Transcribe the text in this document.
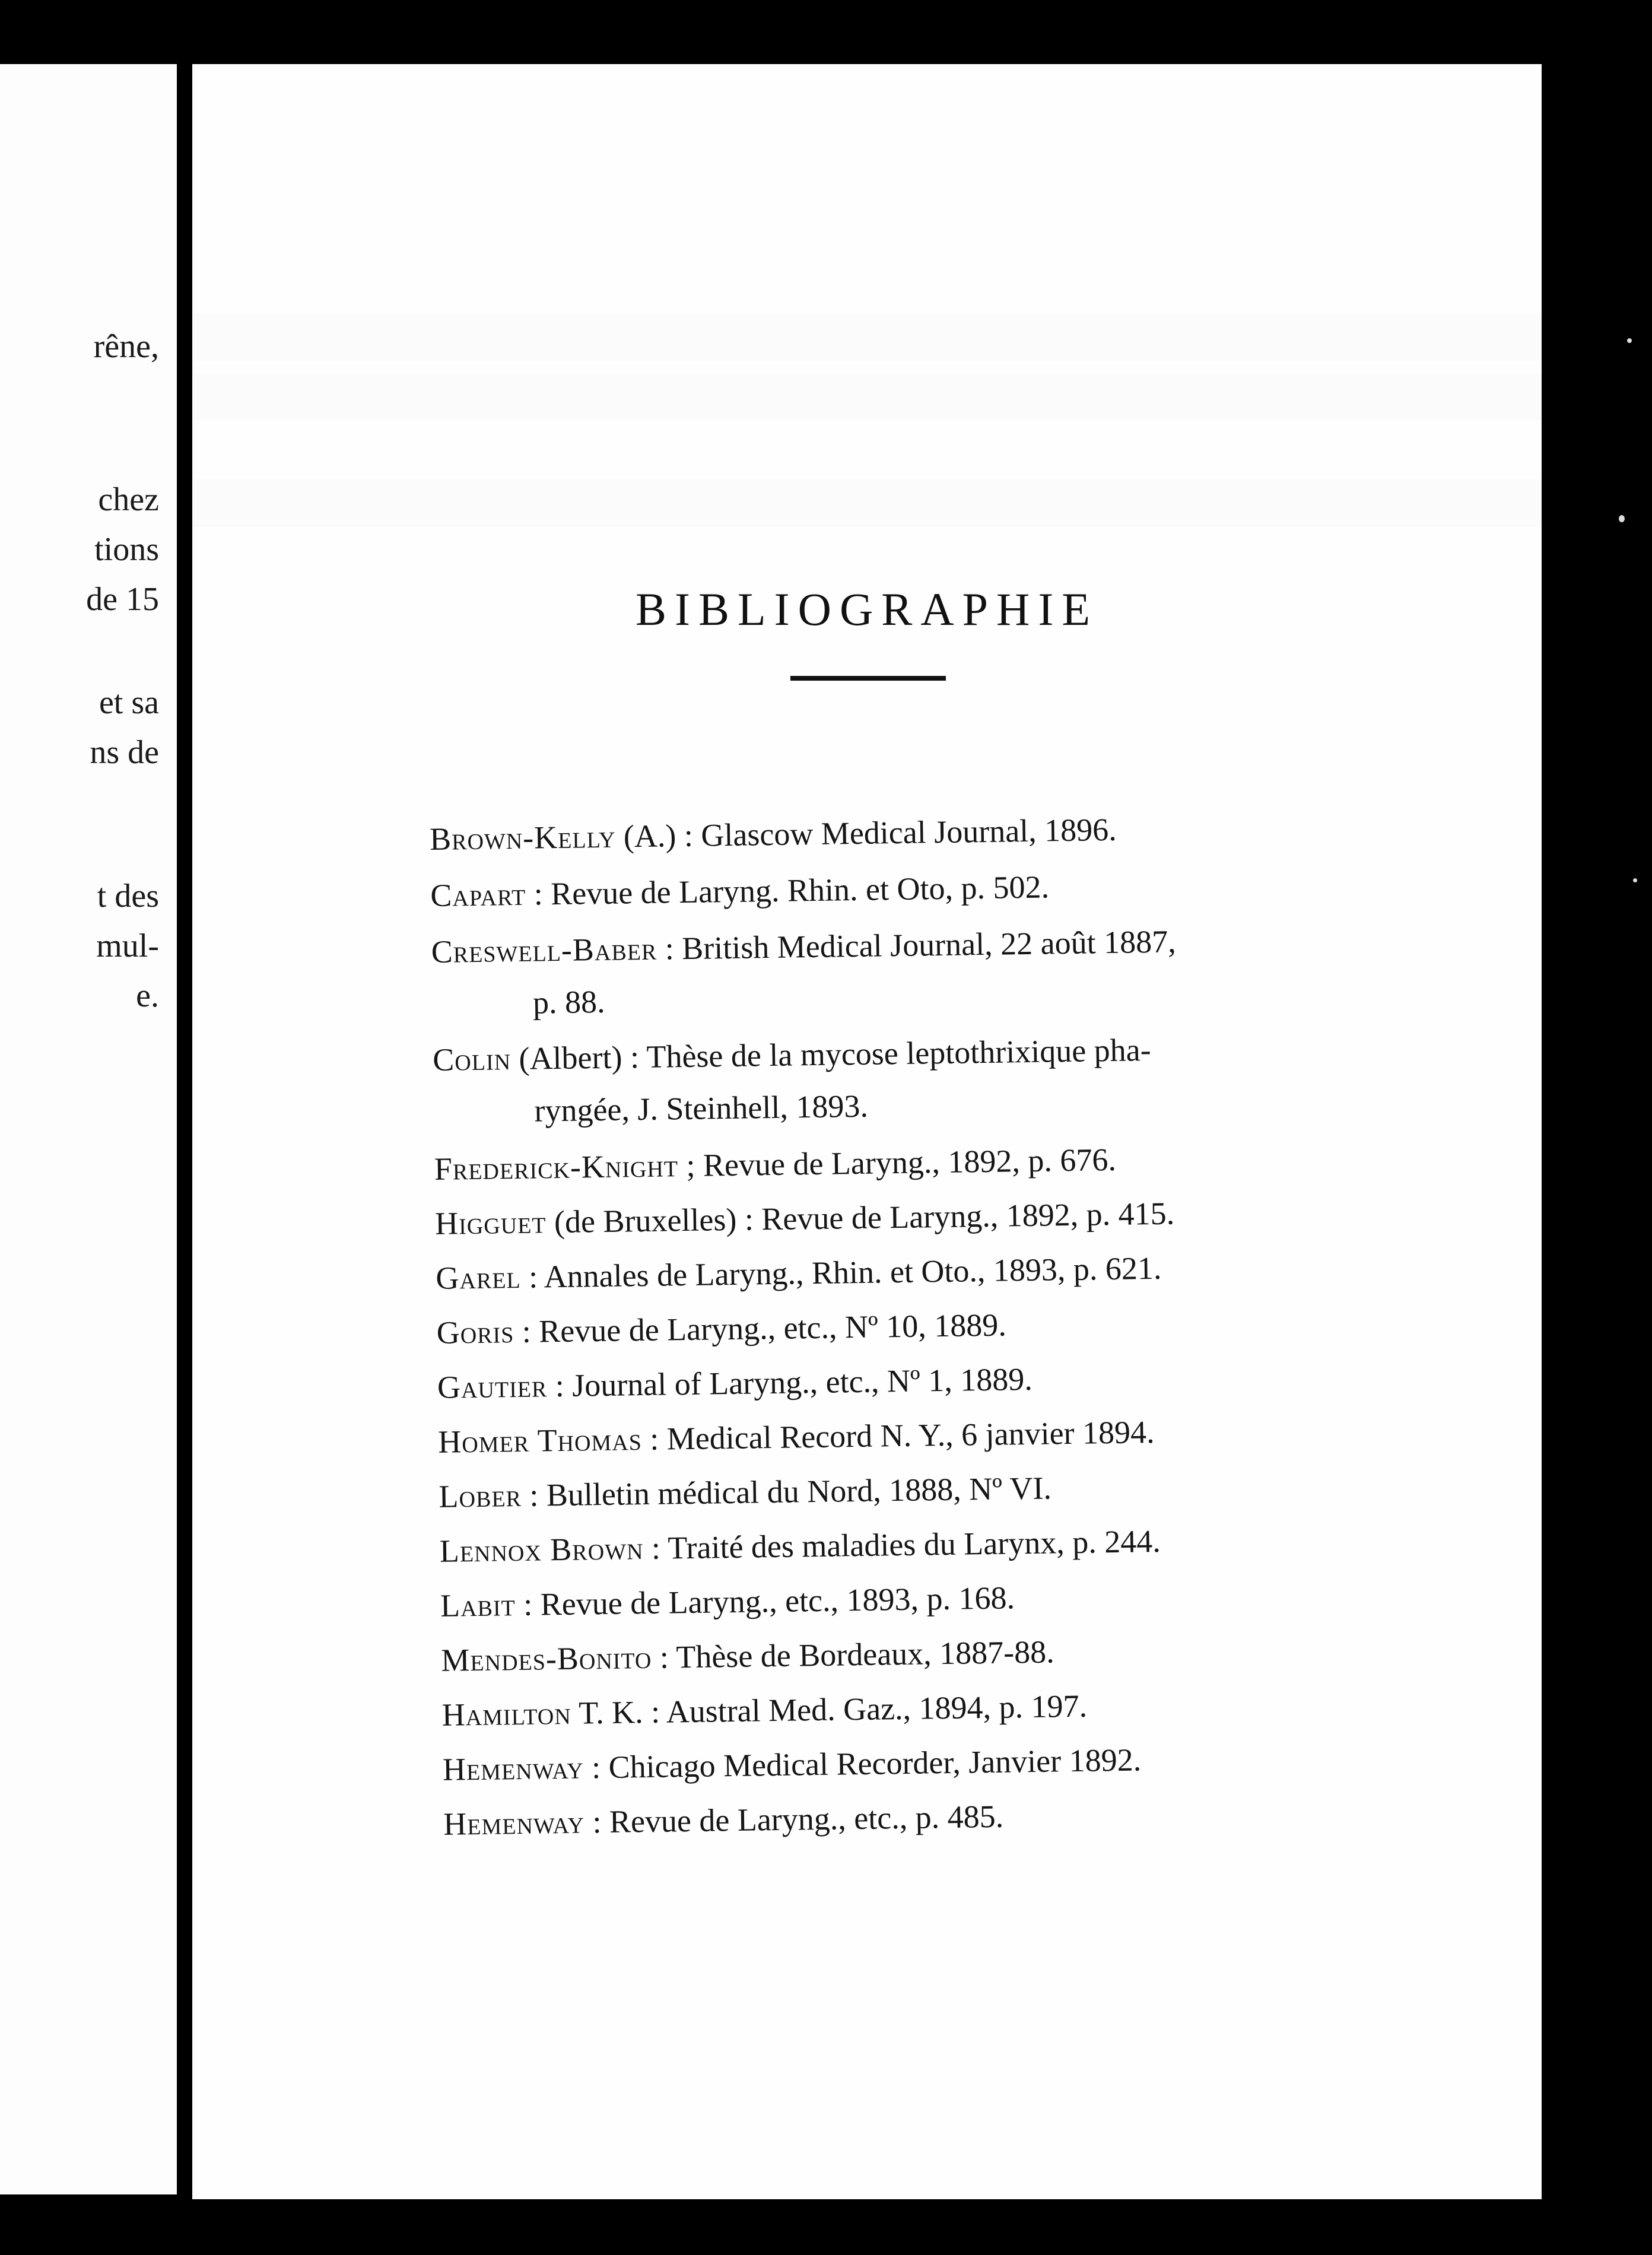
rêne,
chez
tions
de 15
et sa
ns de
t des
mul-
e.
BIBLIOGRAPHIE
Brown-Kelly (A.) : Glascow Medical Journal, 1896.
Capart : Revue de Laryng. Rhin. et Oto, p. 502.
Creswell-Baber : British Medical Journal, 22 août 1887,
p. 88.
Colin (Albert) : Thèse de la mycose leptothrixique pha-
ryngée, J. Steinhell, 1893.
Frederick-Knight ; Revue de Laryng., 1892, p. 676.
Higguet (de Bruxelles) : Revue de Laryng., 1892, p. 415.
Garel : Annales de Laryng., Rhin. et Oto., 1893, p. 621.
Goris : Revue de Laryng., etc., Nº 10, 1889.
Gautier : Journal of Laryng., etc., Nº 1, 1889.
Homer Thomas : Medical Record N. Y., 6 janvier 1894.
Lober : Bulletin médical du Nord, 1888, Nº VI.
Lennox Brown : Traité des maladies du Larynx, p. 244.
Labit : Revue de Laryng., etc., 1893, p. 168.
Mendes-Bonito : Thèse de Bordeaux, 1887-88.
Hamilton T. K. : Austral Med. Gaz., 1894, p. 197.
Hemenway : Chicago Medical Recorder, Janvier 1892.
Hemenway : Revue de Laryng., etc., p. 485.
